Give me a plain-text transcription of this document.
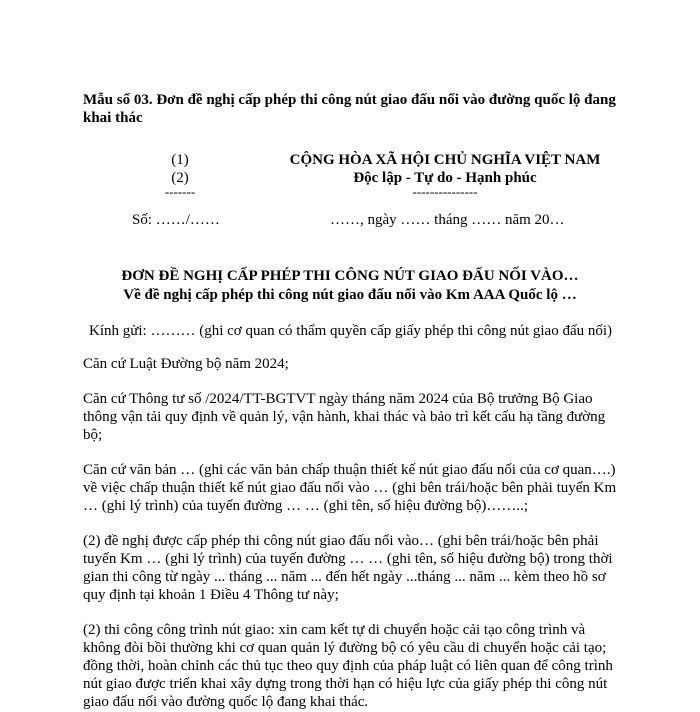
Mẫu số 03. Đơn đề nghị cấp phép thi công nút giao đấu nối vào đường quốc lộ đang
khai thác
(1)
(2)
-------
CỘNG HÒA XÃ HỘI CHỦ NGHĨA VIỆT NAM
Độc lập - Tự do - Hạnh phúc
---------------
Số: ……/……	……, ngày …… tháng …… năm 20…
ĐƠN ĐỀ NGHỊ CẤP PHÉP THI CÔNG NÚT GIAO ĐẤU NỐI VÀO…
Về đề nghị cấp phép thi công nút giao đấu nối vào Km AAA Quốc lộ …
Kính gửi: ……… (ghi cơ quan có thẩm quyền cấp giấy phép thi công nút giao đấu nối)
Căn cứ Luật Đường bộ năm 2024;
Căn cứ Thông tư số /2024/TT-BGTVT ngày tháng năm 2024 của Bộ trưởng Bộ Giao
thông vận tải quy định về quản lý, vận hành, khai thác và bảo trì kết cấu hạ tầng đường
bộ;
Căn cứ văn bản … (ghi các văn bản chấp thuận thiết kế nút giao đấu nối của cơ quan….)
về việc chấp thuận thiết kế nút giao đấu nối vào … (ghi bên trái/hoặc bên phải tuyến Km
… (ghi lý trình) của tuyến đường … … (ghi tên, số hiệu đường bộ)……..;
(2) đề nghị được cấp phép thi công nút giao đấu nối vào… (ghi bên trái/hoặc bên phải
tuyến Km … (ghi lý trình) của tuyến đường … … (ghi tên, số hiệu đường bộ) trong thời
gian thi công từ ngày ... tháng ... năm ... đến hết ngày ...tháng ... năm ... kèm theo hồ sơ
quy định tại khoản 1 Điều 4 Thông tư này;
(2) thi công công trình nút giao: xin cam kết tự di chuyển hoặc cải tạo công trình và
không đòi bồi thường khi cơ quan quản lý đường bộ có yêu cầu di chuyển hoặc cải tạo;
đồng thời, hoàn chỉnh các thủ tục theo quy định của pháp luật có liên quan để công trình
nút giao được triển khai xây dựng trong thời hạn có hiệu lực của giấy phép thi công nút
giao đấu nối vào đường quốc lộ đang khai thác.
